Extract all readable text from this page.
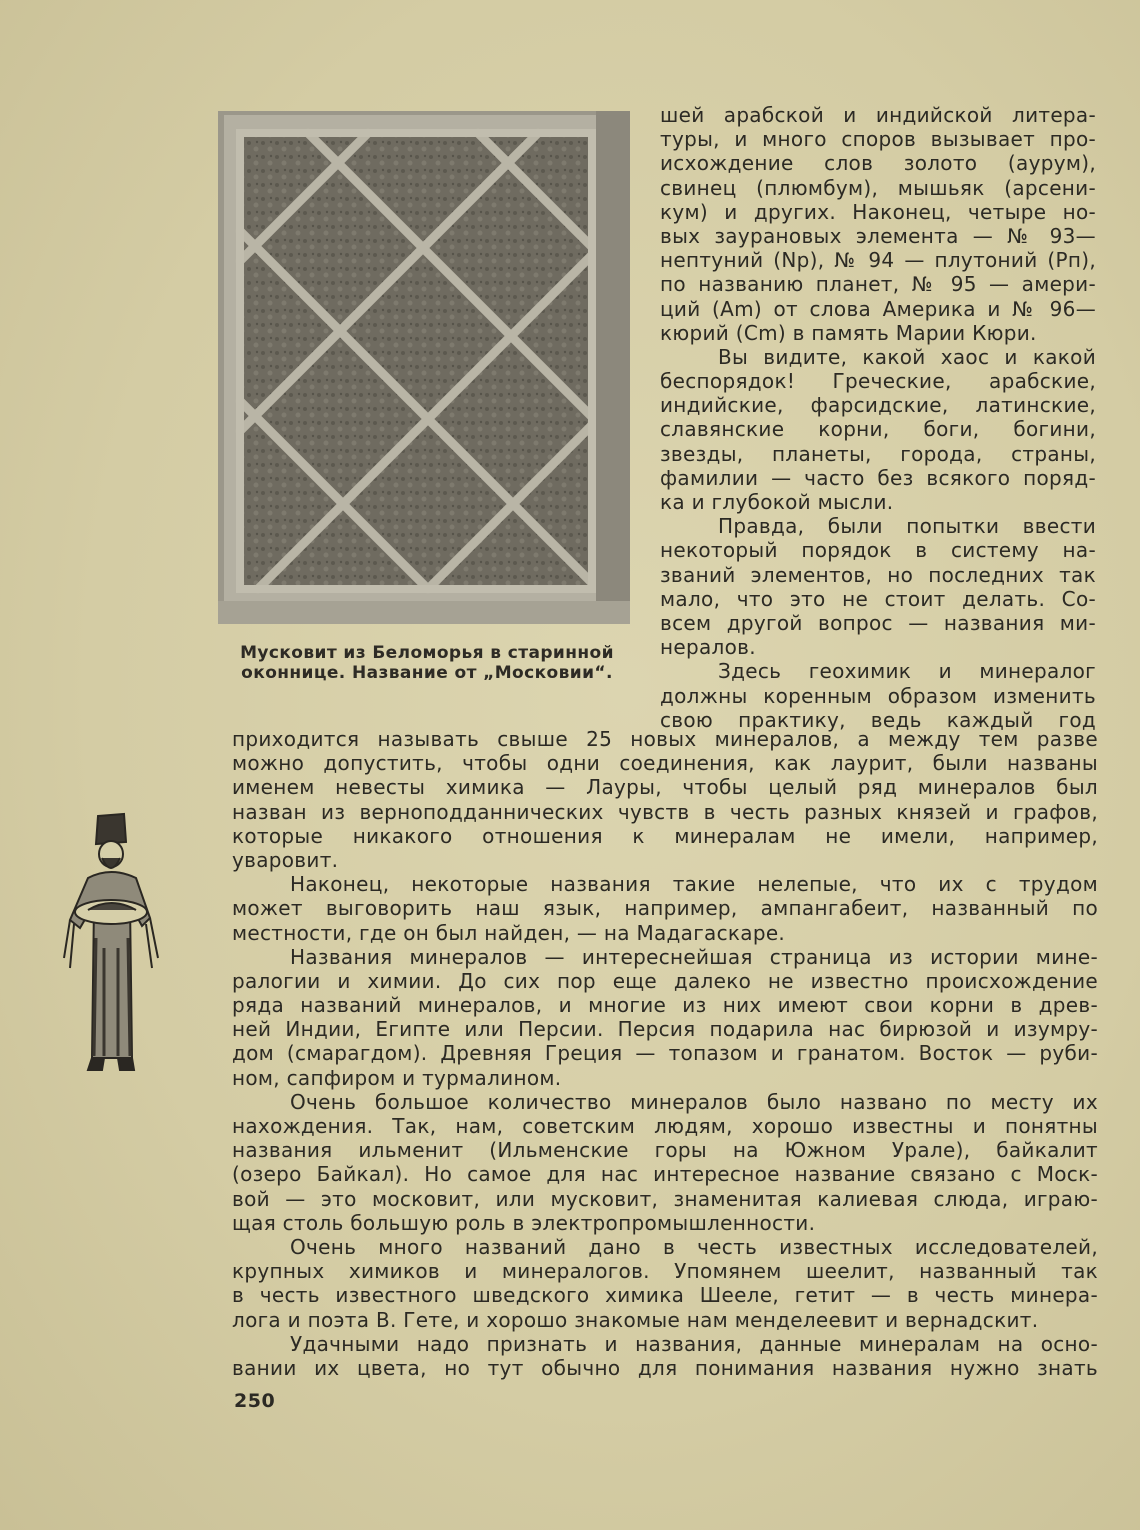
Мусковит из Беломорья в старинной
оконнице. Название от „Московии“.
шей арабской и индийской литера-
туры, и много споров вызывает про-
исхождение слов золото (аурум),
свинец (плюмбум), мышьяк (арсени-
кум) и других. Наконец, четыре но-
вых зaурановых элемента — № 93—
нептуний (Np), № 94 — плутоний (Pп),
по названию планет, № 95 — амери-
ций (Am) от слова Америка и № 96—
кюрий (Cm) в память Марии Кюри.
Вы видите, какой хаос и какой
беспорядок! Греческие, арабские,
индийские, фарсидские, латинские,
славянские корни, боги, богини,
звезды, планеты, города, страны,
фамилии — часто без всякого поряд-
ка и глубокой мысли.
Правда, были попытки ввести
некоторый порядок в систему на-
званий элементов, но последних так
мало, что это не стоит делать. Со-
всем другой вопрос — названия ми-
нералов.
Здесь геохимик и минералог
должны коренным образом изменить
свою практику, ведь каждый год
приходится называть свыше 25 новых минералов, а между тем разве
можно допустить, чтобы одни соединения, как лаурит, были названы
именем невесты химика — Лауры, чтобы целый ряд минералов был
назван из верноподданнических чувств в честь разных князей и графов,
которые никакого отношения к минералам не имели, например,
уваровит.
Наконец, некоторые названия такие нелепые, что их с трудом
может выговорить наш язык, например, ампангабеит, названный по
местности, где он был найден, — на Мадагаскаре.
Названия минералов — интереснейшая страница из истории мине-
ралогии и химии. До сих пор еще далеко не известно происхождение
ряда названий минералов, и многие из них имеют свои корни в древ-
ней Индии, Египте или Персии. Персия подарила нас бирюзой и изумру-
дом (смарагдом). Древняя Греция — топазом и гранатом. Восток — руби-
ном, сапфиром и турмалином.
Очень большое количество минералов было названо по месту их
нахождения. Так, нам, советским людям, хорошо известны и понятны
названия ильменит (Ильменские горы на Южном Урале), байкалит
(озеро Байкал). Но самое для нас интересное название связано с Моск-
вой — это московит, или мусковит, знаменитая калиевая слюда, играю-
щая столь большую роль в электропромышленности.
Очень много названий дано в честь известных исследователей,
крупных химиков и минералогов. Упомянем шеелит, названный так
в честь известного шведского химика Шееле, гетит — в честь минера-
лога и поэта В. Гете, и хорошо знакомые нам менделеевит и вернадскит.
Удачными надо признать и названия, данные минералам на осно-
вании их цвета, но тут обычно для понимания названия нужно знать
250
